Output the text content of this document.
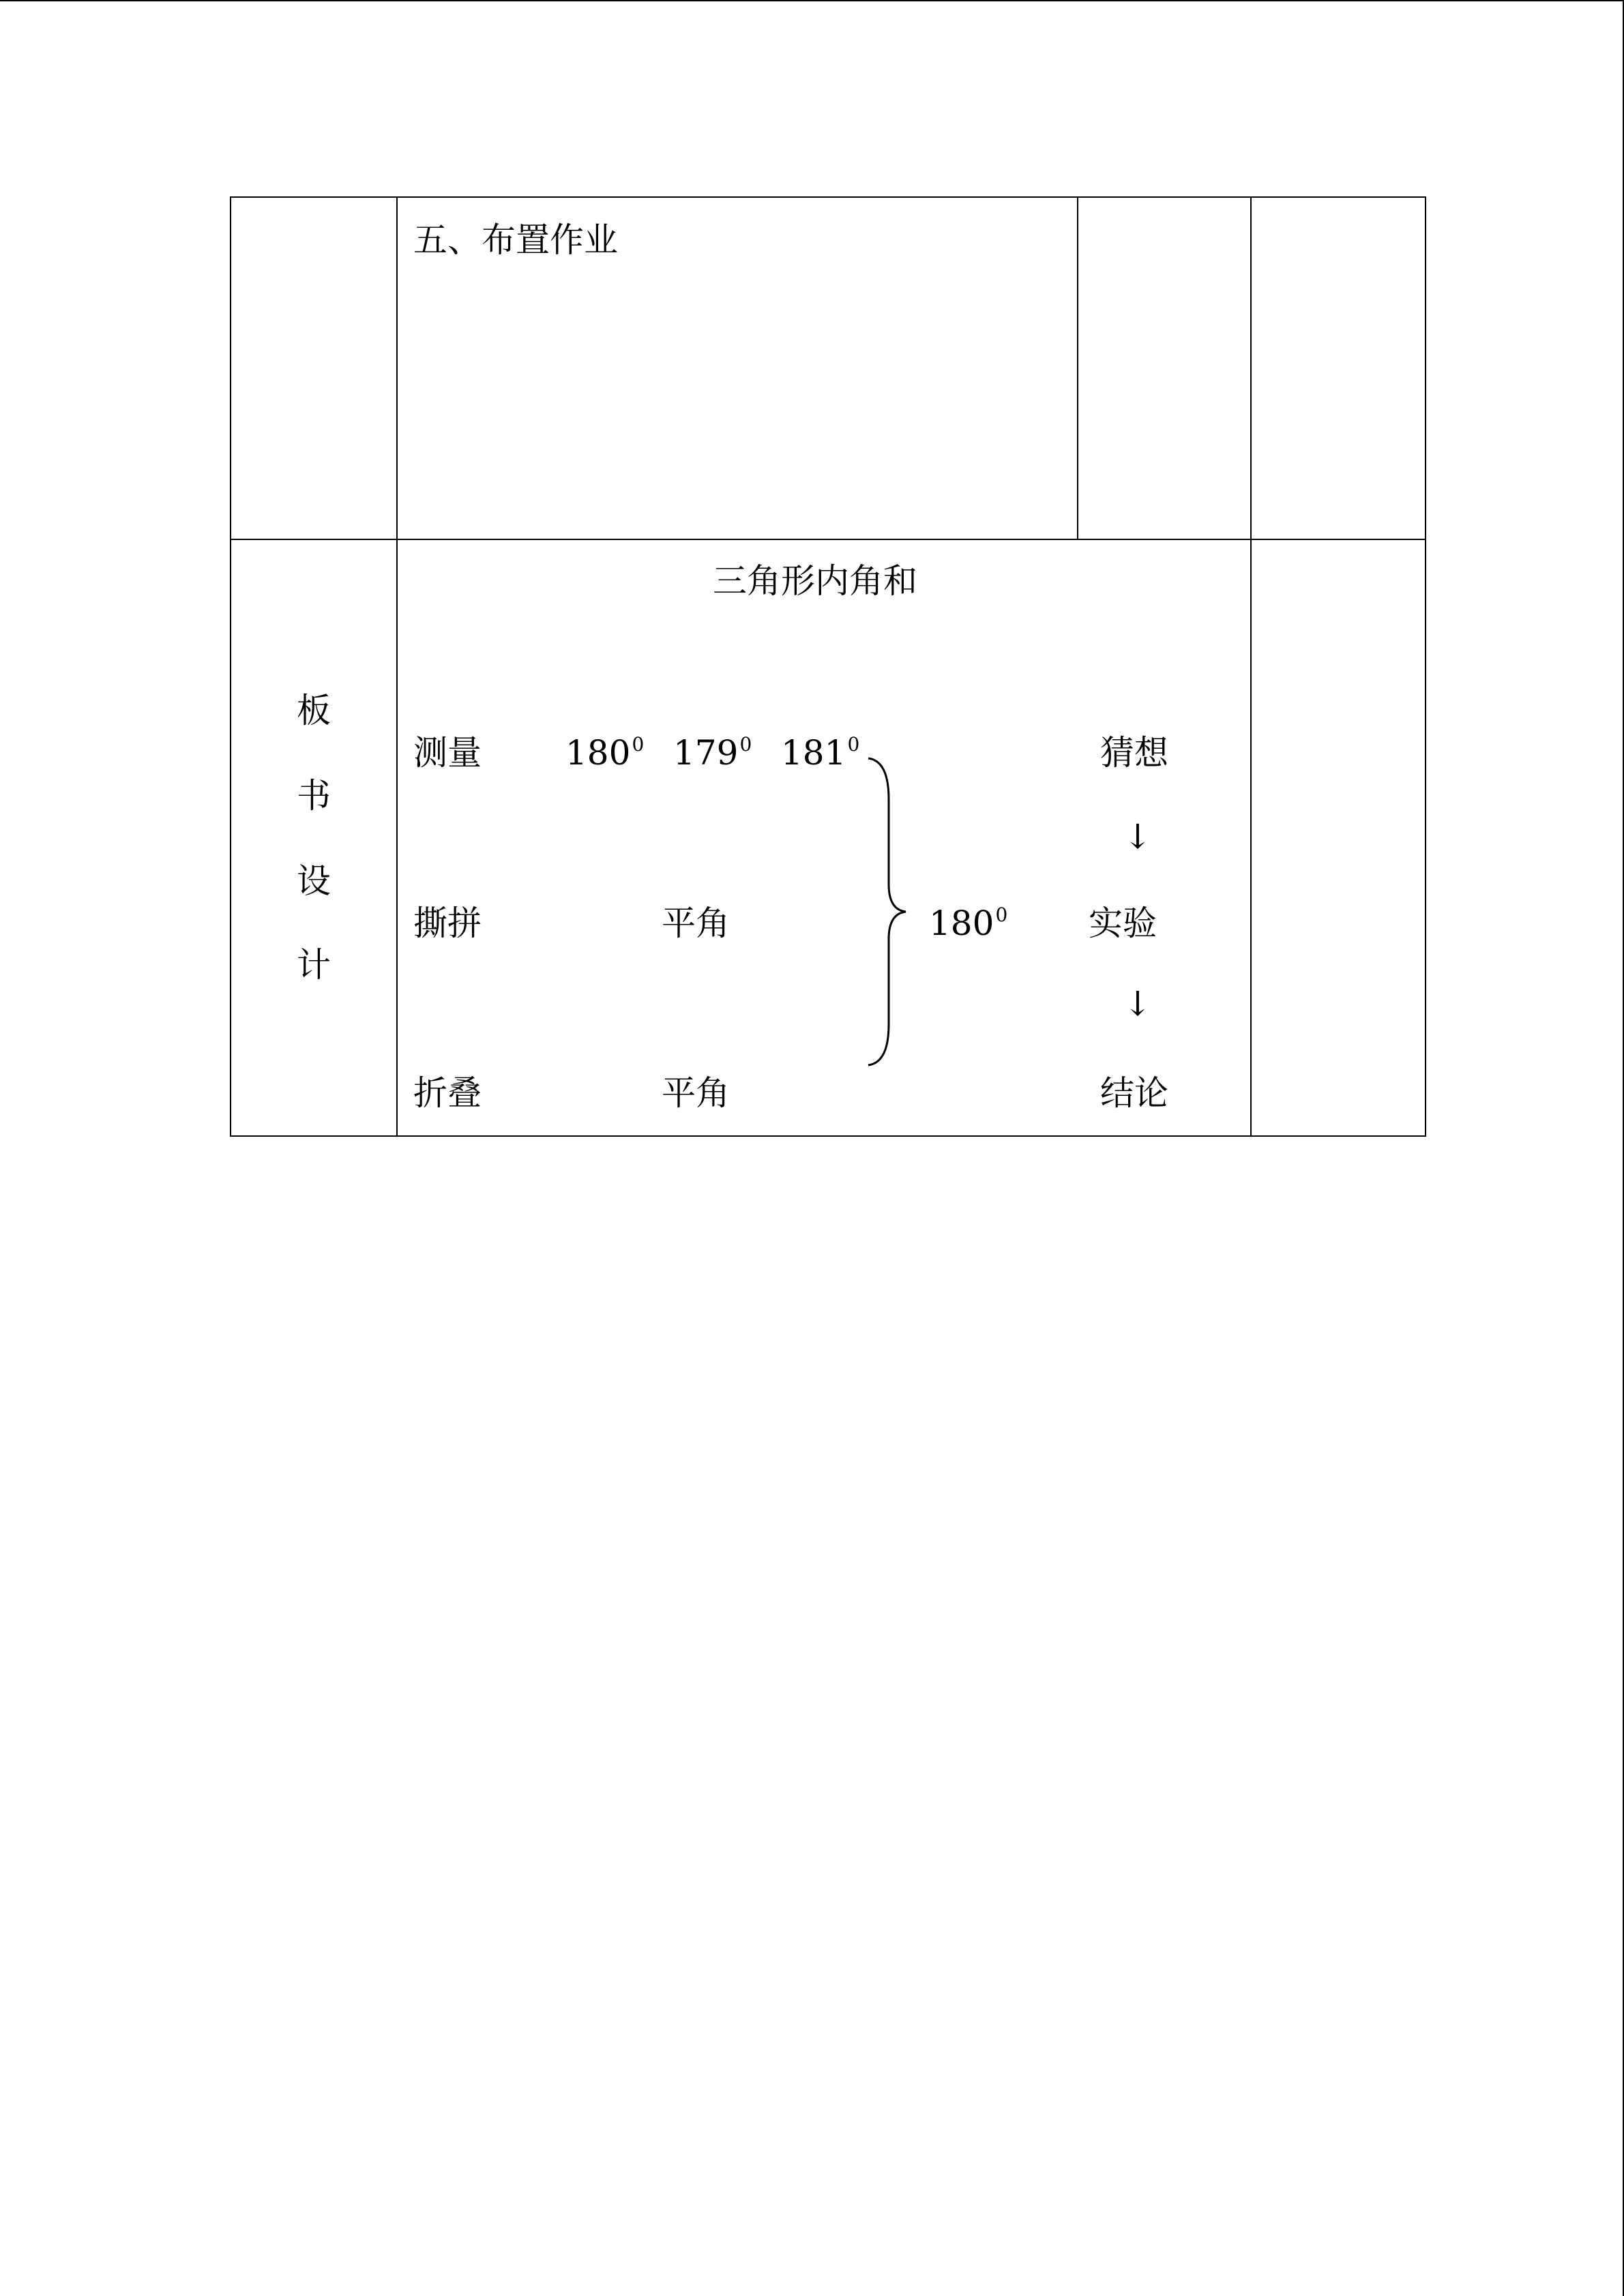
五、布置作业
板
书
设
计
三角形内角和
测量 $180^0$ $179^0$ $181^0$
撕拼	平角
折叠	平角
$180^0$
猜想
↓
实验
↓
结论
